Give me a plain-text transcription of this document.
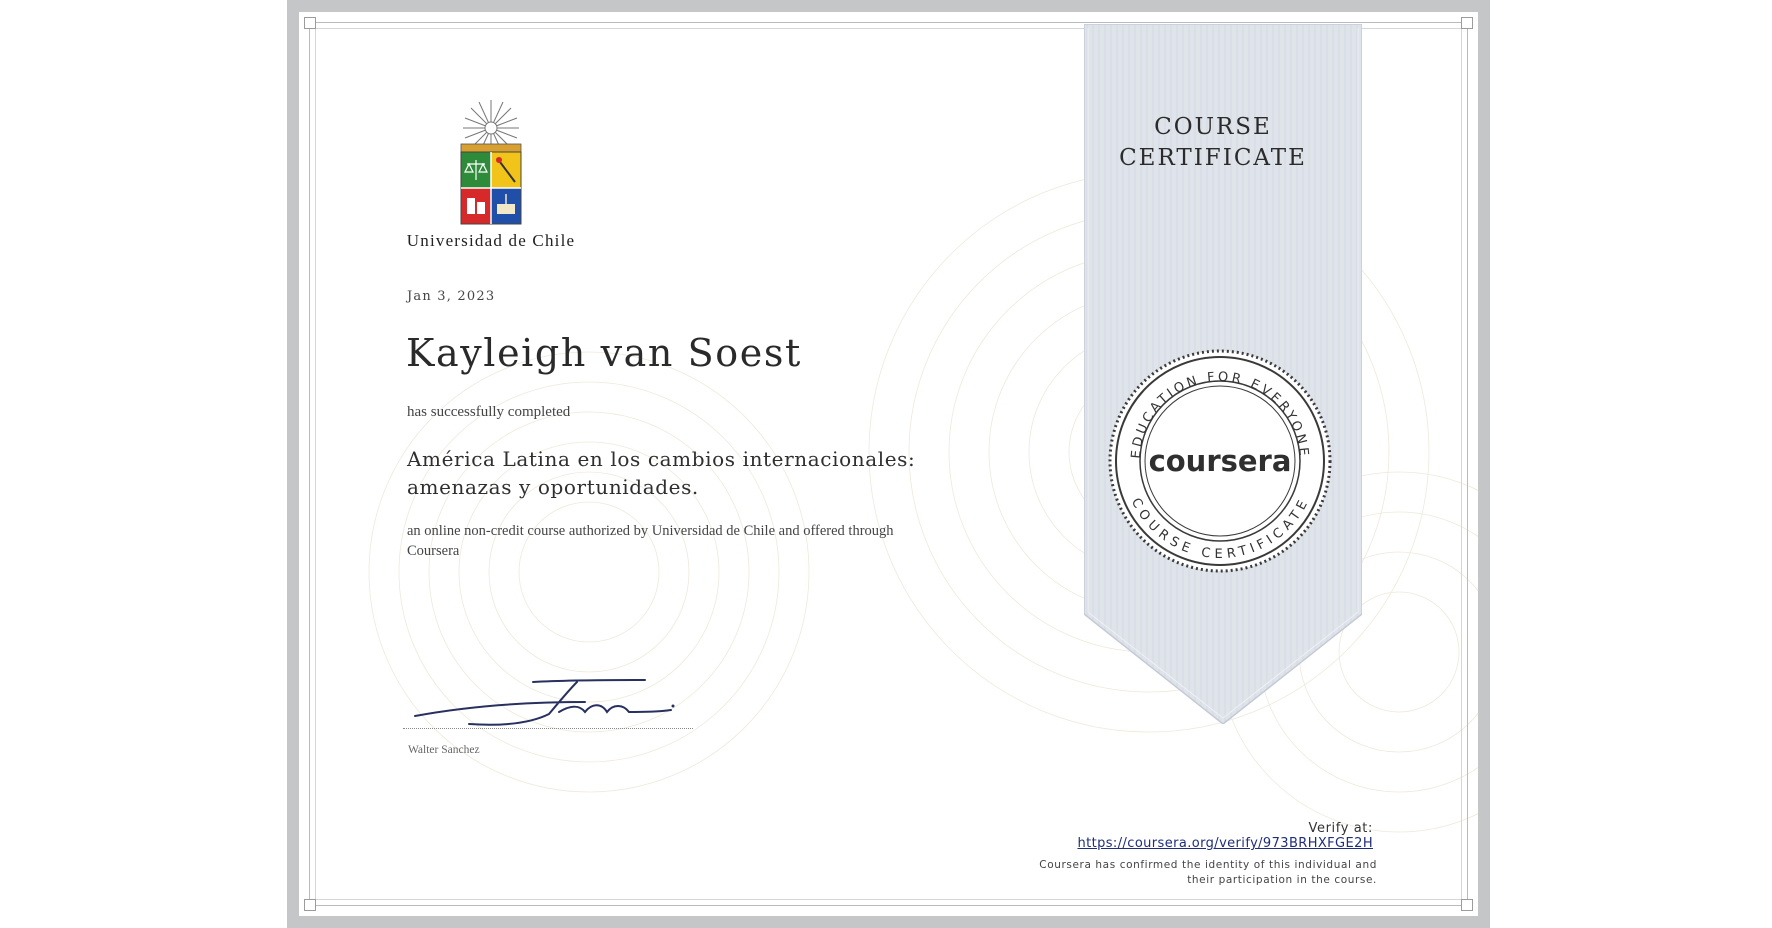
COURSE
CERTIFICATE
EDUCATION FOR EVERYONE
COURSE CERTIFICATE
coursera
Universidad de Chile
Jan 3, 2023
Kayleigh van Soest
has successfully completed
América Latina en los cambios internacionales:
amenazas y oportunidades.
an online non-credit course authorized by Universidad de Chile and offered through
Coursera
Walter Sanchez
Verify at:
https://coursera.org/verify/973BRHXFGE2H
Coursera has confirmed the identity of this individual and
their participation in the course.
